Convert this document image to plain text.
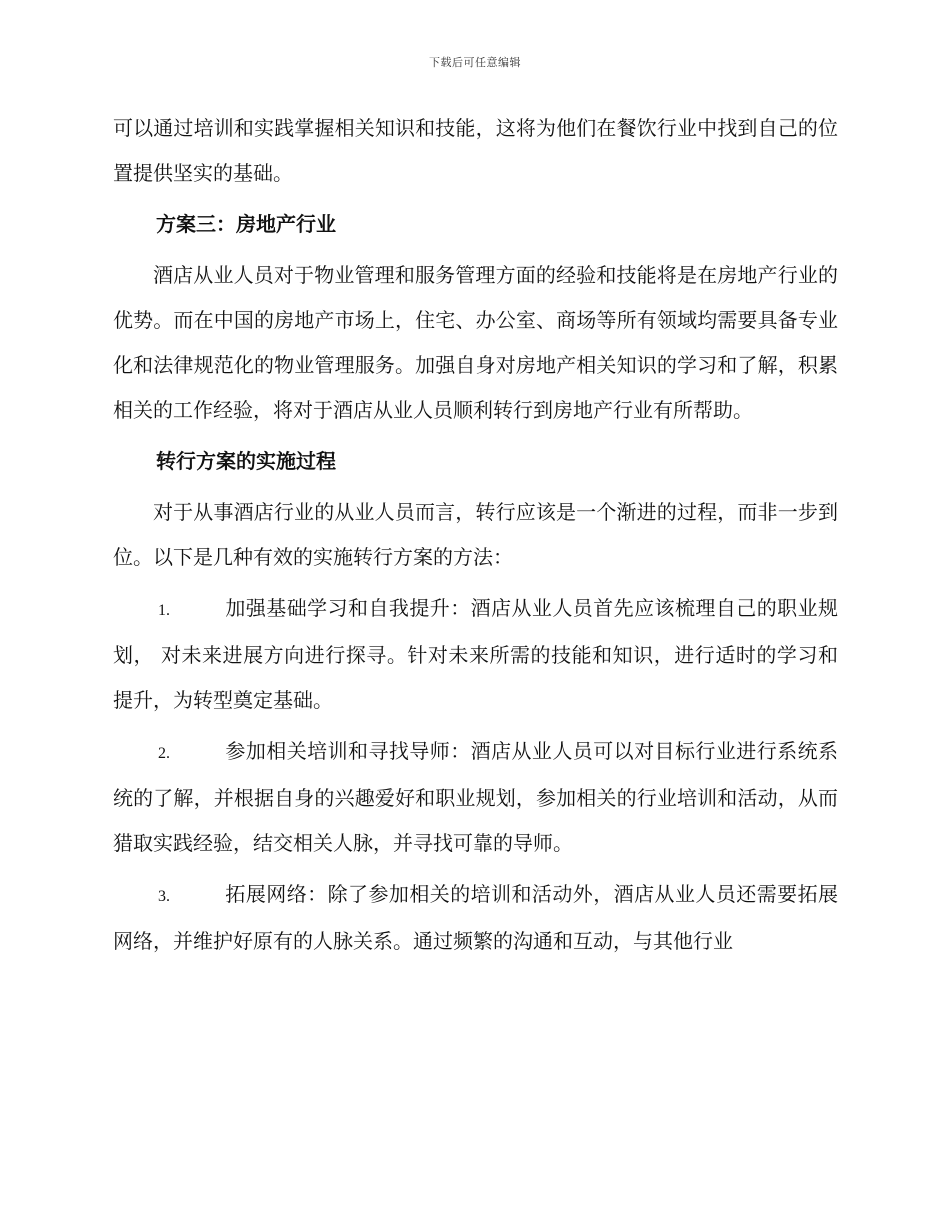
下载后可任意编辑

可以通过培训和实践掌握相关知识和技能，这将为他们在餐饮行业中找到自己的位置提供坚实的基础。

方案三：房地产行业

酒店从业人员对于物业管理和服务管理方面的经验和技能将是在房地产行业的优势。而在中国的房地产市场上，住宅、办公室、商场等所有领域均需要具备专业化和法律规范化的物业管理服务。加强自身对房地产相关知识的学习和了解，积累相关的工作经验，将对于酒店从业人员顺利转行到房地产行业有所帮助。

转行方案的实施过程

对于从事酒店行业的从业人员而言，转行应该是一个渐进的过程，而非一步到位。以下是几种有效的实施转行方案的方法：

1.	加强基础学习和自我提升：酒店从业人员首先应该梳理自己的职业规划， 对未来进展方向进行探寻。针对未来所需的技能和知识，进行适时的学习和提升，为转型奠定基础。

2.	参加相关培训和寻找导师：酒店从业人员可以对目标行业进行系统系统的了解，并根据自身的兴趣爱好和职业规划，参加相关的行业培训和活动，从而猎取实践经验，结交相关人脉，并寻找可靠的导师。

3.	拓展网络：除了参加相关的培训和活动外，酒店从业人员还需要拓展网络，并维护好原有的人脉关系。通过频繁的沟通和互动，与其他行业
